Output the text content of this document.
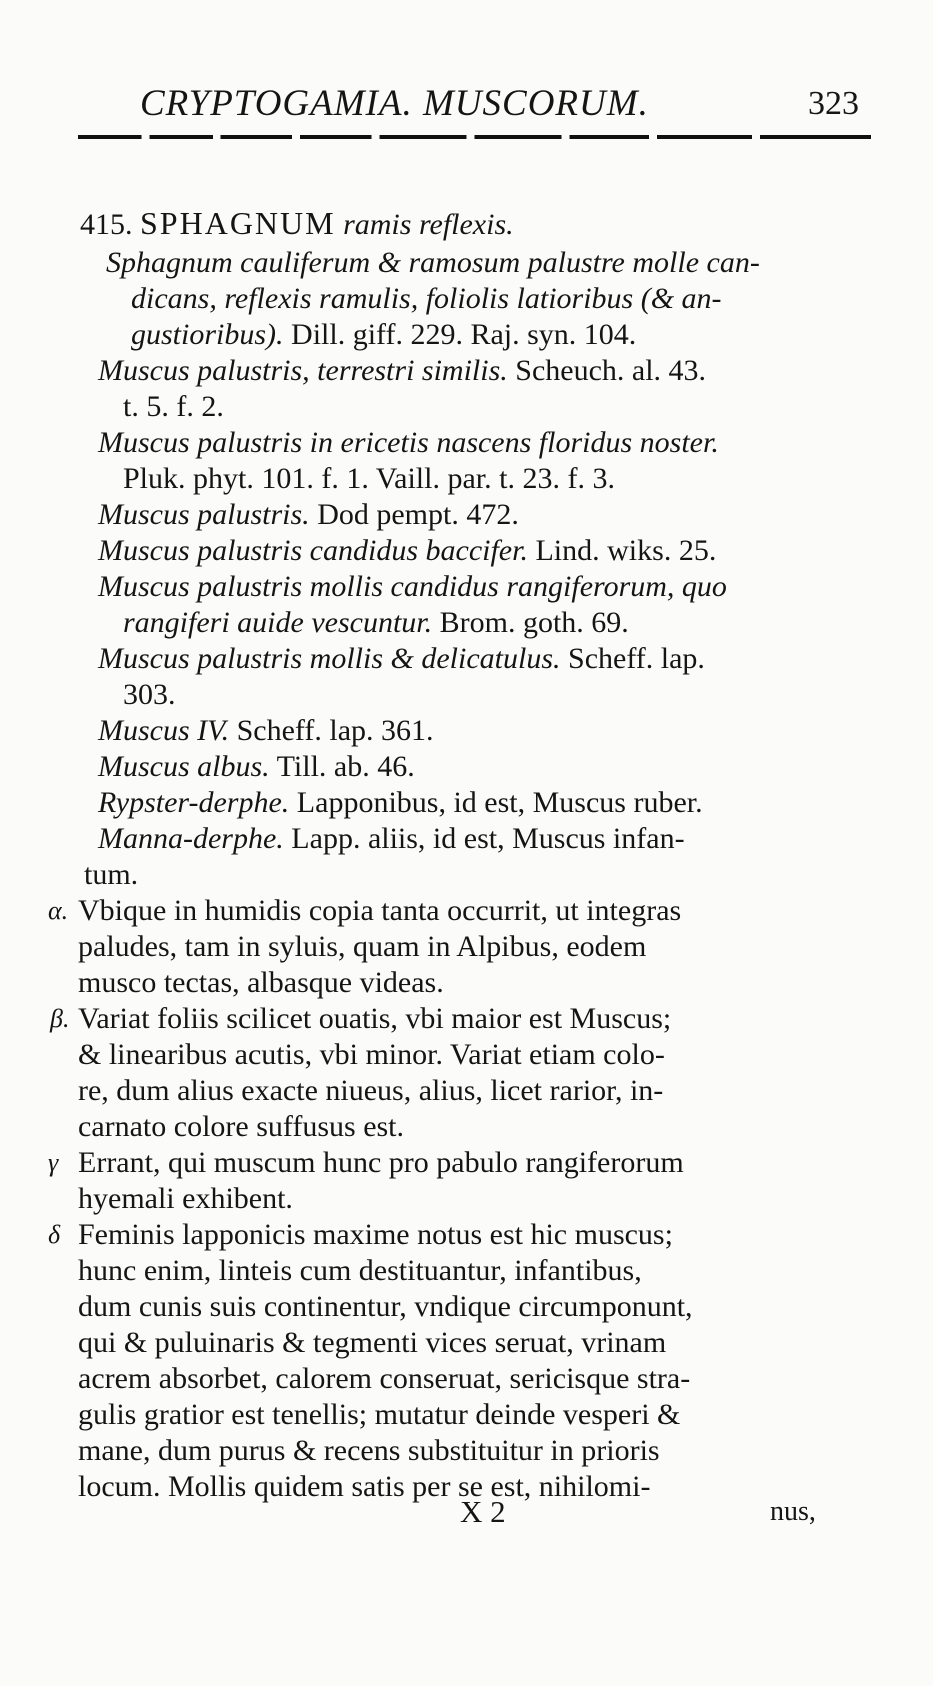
CRYPTOGAMIA. MUSCORUM.	323
415. SPHAGNUM ramis reflexis.
Sphagnum cauliferum & ramosum palustre molle can-
dicans, reflexis ramulis, foliolis latioribus (& an-
gustioribus). Dill. giff. 229. Raj. syn. 104.
Muscus palustris, terrestri similis. Scheuch. al. 43.
t. 5. f. 2.
Muscus palustris in ericetis nascens floridus noster.
Pluk. phyt. 101. f. 1. Vaill. par. t. 23. f. 3.
Muscus palustris. Dod pempt. 472.
Muscus palustris candidus baccifer. Lind. wiks. 25.
Muscus palustris mollis candidus rangiferorum, quo
rangiferi auide vescuntur. Brom. goth. 69.
Muscus palustris mollis & delicatulus. Scheff. lap.
303.
Muscus IV. Scheff. lap. 361.
Muscus albus. Till. ab. 46.
Rypster-derphe. Lapponibus, id est, Muscus ruber.
Manna-derphe. Lapp. aliis, id est, Muscus infan-
tum.
α. Vbique in humidis copia tanta occurrit, ut integras
paludes, tam in syluis, quam in Alpibus, eodem
musco tectas, albasque videas.
β. Variat foliis scilicet ouatis, vbi maior est Muscus;
& linearibus acutis, vbi minor. Variat etiam colo-
re, dum alius exacte niueus, alius, licet rarior, in-
carnato colore suffusus est.
γ Errant, qui muscum hunc pro pabulo rangiferorum
hyemali exhibent.
δ Feminis lapponicis maxime notus est hic muscus;
hunc enim, linteis cum destituantur, infantibus,
dum cunis suis continentur, vndique circumponunt,
qui & puluinaris & tegmenti vices seruat, vrinam
acrem absorbet, calorem conseruat, sericisque stra-
gulis gratior est tenellis; mutatur deinde vesperi &
mane, dum purus & recens substituitur in prioris
locum. Mollis quidem satis per se est, nihilomi-
X 2	nus,
